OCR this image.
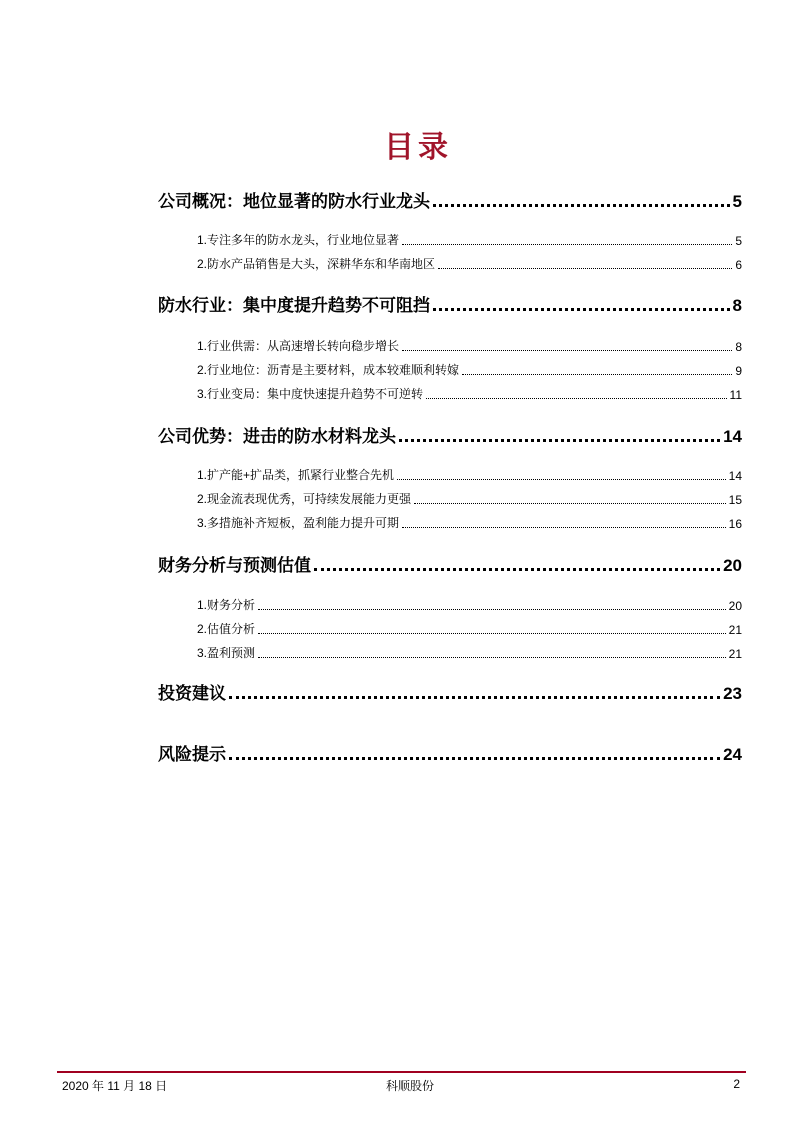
目录
公司概况：地位显著的防水行业龙头	5
1.专注多年的防水龙头，行业地位显著	5
2.防水产品销售是大头，深耕华东和华南地区	6
防水行业：集中度提升趋势不可阻挡	8
1.行业供需：从高速增长转向稳步增长	8
2.行业地位：沥青是主要材料，成本较难顺利转嫁	9
3.行业变局：集中度快速提升趋势不可逆转	11
公司优势：进击的防水材料龙头	14
1.扩产能+扩品类，抓紧行业整合先机	14
2.现金流表现优秀，可持续发展能力更强	15
3.多措施补齐短板，盈利能力提升可期	16
财务分析与预测估值	20
1.财务分析	20
2.估值分析	21
3.盈利预测	21
投资建议	23
风险提示	24
2020 年 11 月 18 日	科顺股份	2
